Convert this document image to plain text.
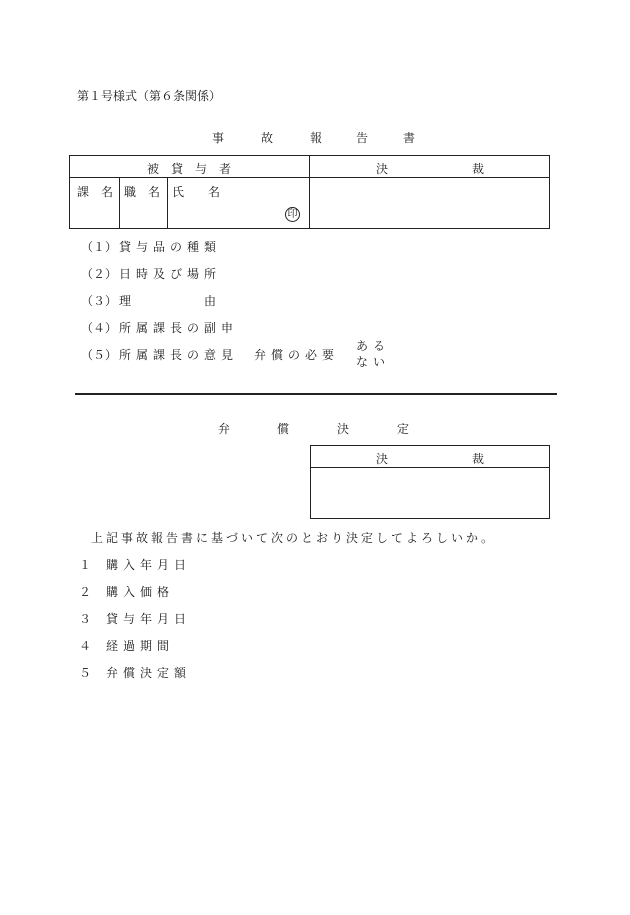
第１号様式（第６条関係）
事	故	報	告	書
被　貸　与　者	決　　　　　　　裁
課　名 職　名 氏　　名
印
（１） 貸与品の種類
（２） 日時及び場所
（３） 理　　　　由
（４） 所属課長の副申
（５） 所属課長の意見 弁償の必要
ある
ない
弁	償	決	定
決　　　　　　　裁
上記事故報告書に基づいて次のとおり決定してよろしいか。
１ 購入年月日
２ 購入価格
３ 貸与年月日
４ 経過期間
５ 弁償決定額
